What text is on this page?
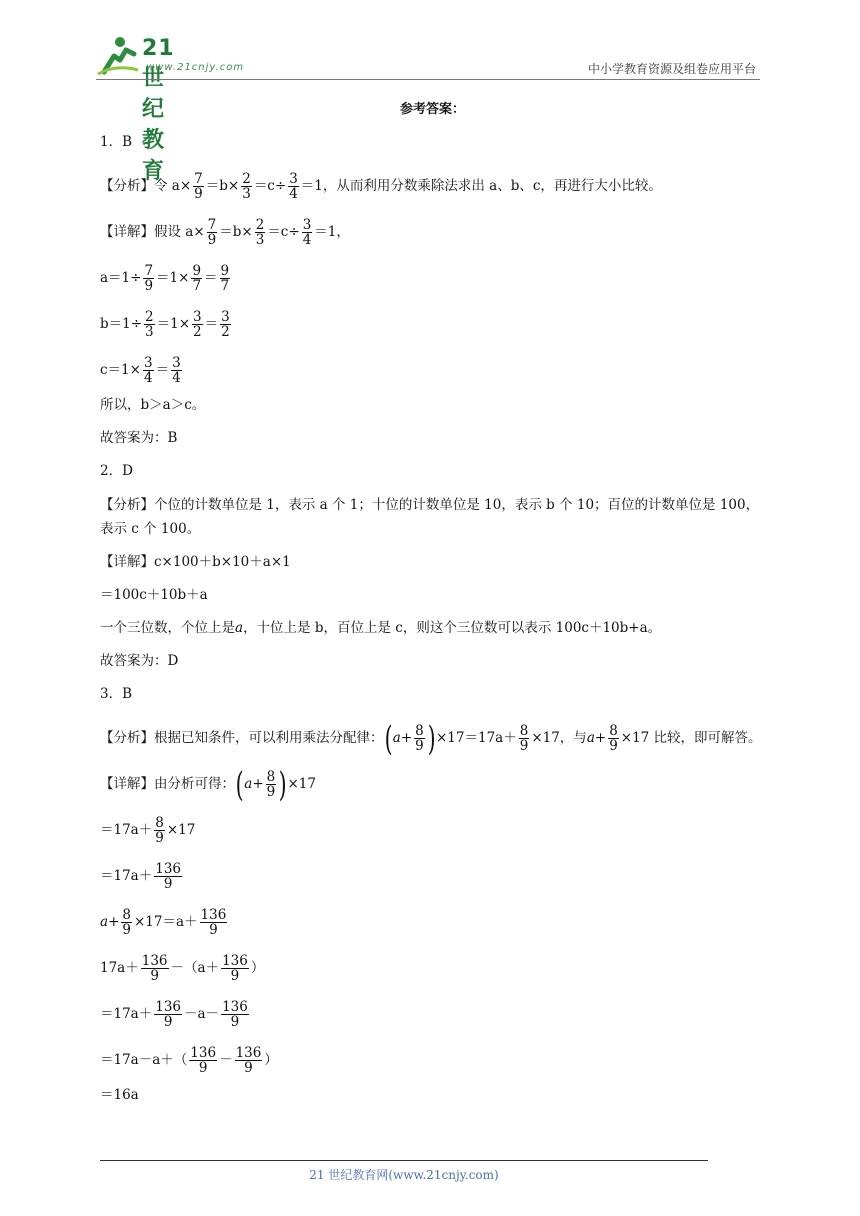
21世纪教育
www.21cnjy.com	中小学教育资源及组卷应用平台
参考答案：
1．B
【分析】令 $a\times \frac{7}{9} =b\times \frac{2}{3} =c\div \frac{3}{4} =1$，从而利用分数乘除法求出 a、b、c，再进行大小比较。
【详解】假设 $a\times \frac{7}{9} =b\times \frac{2}{3} =c\div \frac{3}{4} =1$，
$a=1\div \frac{7}{9} =1\times \frac{9}{7} = \frac{9}{7}$
$b=1\div \frac{2}{3} =1\times \frac{3}{2} = \frac{3}{2}$
$c=1\times \frac{3}{4} = \frac{3}{4}$
所以，b＞a＞c。
故答案为：B
2．D
【分析】个位的计数单位是 1，表示 a 个 1；十位的计数单位是 10，表示 b 个 10；百位的计数单位是 100，表示 c 个 100。
【详解】c×100＋b×10＋a×1
＝100c＋10b＋a
一个三位数，个位上是a，十位上是 b，百位上是 c，则这个三位数可以表示 100c＋10b+a。
故答案为：D
3．B
【分析】根据已知条件，可以利用乘法分配律：$(a+ \frac{8}{9} )\times 17=17a+ \frac{8}{9} \times 17$，与$a+ \frac{8}{9} \times 17$ 比较，即可解答。
【详解】由分析可得：$(a+ \frac{8}{9} )\times 17$
$=17a+ \frac{8}{9} \times 17$
$=17a+ \frac{136}{9}$
$a+ \frac{8}{9} \times 17=a+ \frac{136}{9}$
$17a+ \frac{136}{9} -(a+ \frac{136}{9}$ ）
$=17a+ \frac{136}{9} -a- \frac{136}{9}$
$=17a-a+( \frac{136}{9} - \frac{136}{9}$ ）
＝16a
21 世纪教育网(www.21cnjy.com)
